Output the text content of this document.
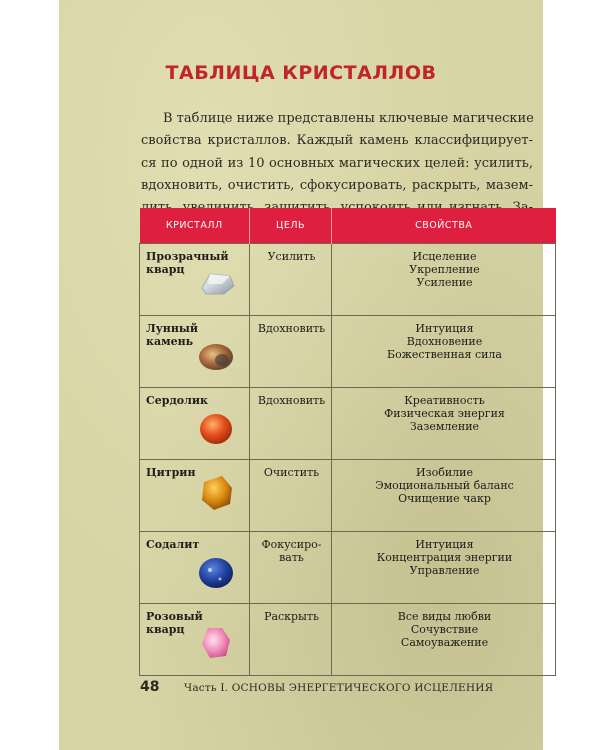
ТАБЛИЦА КРИСТАЛЛОВ
В таблице ниже представлены ключевые магические
свойства кристаллов. Каждый камень классифицирует-
ся по одной из 10 основных магических целей: усилить,
вдохновить, очистить, сфокусировать, раскрыть, мазем-
КРИСТАЛЛ	ЦЕЛЬ	СВОЙСТВА

Прозрачный кварц	Усилить	Исцеление
Укрепление
Усиление

Лунный камень	Вдохновить	Интуиция
Вдохновение
Божественная сила

Сердолик	Вдохновить	Креативность
Физическая энергия
Заземление

Цитрин	Очистить	Изобилие
Эмоциональный баланс
Очищение чакр

Содалит	Фокусиро-вать	Интуиция
Концентрация энергии
Управление

Розовый кварц	Раскрыть	Все виды любви
Сочувствие
Самоуважение
48 Часть I. ОСНОВЫ ЭНЕРГЕТИЧЕСКОГО ИСЦЕЛЕНИЯ
